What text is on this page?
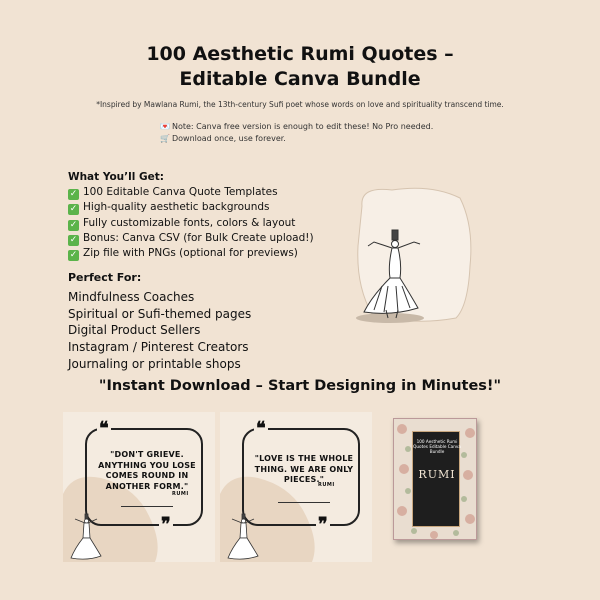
100 Aesthetic Rumi Quotes –
Editable Canva Bundle
*Inspired by Mawlana Rumi, the 13th-century Sufi poet whose words on love and spirituality transcend time.
💌 Note: Canva free version is enough to edit these! No Pro needed.
🛒 Download once, use forever.
What You’ll Get:
✓ 100 Editable Canva Quote Templates
✓ High-quality aesthetic backgrounds
✓ Fully customizable fonts, colors & layout
✓ Bonus: Canva CSV (for Bulk Create upload!)
✓ Zip file with PNGs (optional for previews)
Perfect For:
Mindfulness Coaches
Spiritual or Sufi-themed pages
Digital Product Sellers
Instagram / Pinterest Creators
Journaling or printable shops
"Instant Download – Start Designing in Minutes!"
❝
❞
"DON'T GRIEVE. ANYTHING YOU LOSE COMES ROUND IN ANOTHER FORM."
RUMI
❝
❞
"LOVE IS THE WHOLE THING. WE ARE ONLY PIECES."
RUMI
100 Aesthetic Rumi Quotes Editable Canva Bundle
RUMI
